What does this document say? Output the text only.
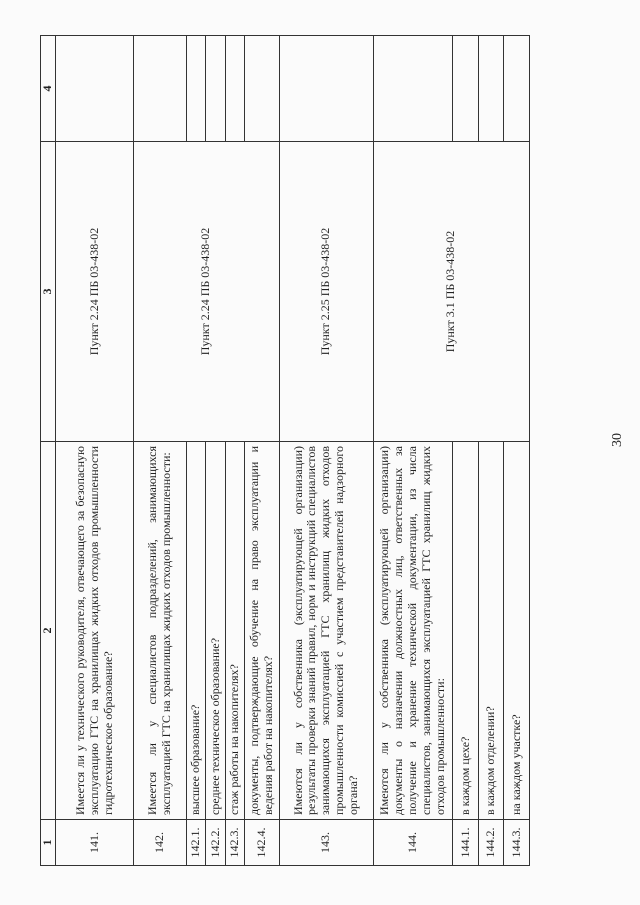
30
1	2	3	4
141.	Имеется ли у технического руководителя, отвечающего за безопасную эксплуатацию ГТС на хранилищах жидких отходов промышленности гидротехническое образование?	Пункт 2.24 ПБ 03-438-02	
142.	Имеется ли у специалистов подразделений, занимающихся эксплуатацией ГТС на хранилищах жидких отходов промышленности:	Пункт 2.24 ПБ 03-438-02	
142.1.	высшее образование?		
142.2.	среднее техническое образование?		
142.3.	стаж работы на накопителях?		
142.4.	документы, подтверждающие обучение на право эксплуатации и ведения работ на накопителях?		
143.	Имеются ли у собственника (эксплуатирующей организации) результаты проверки знаний правил, норм и инструкций специалистов занимающихся эксплуатацией ГТС хранилищ жидких отходов промышленности комиссией с участием представителей надзорного органа?	Пункт 2.25 ПБ 03-438-02	
144.	Имеются ли у собственника (эксплуатирующей организации) документы о назначении должностных лиц, ответственных за получение и хранение технической документации, из числа специалистов, занимающихся эксплуатацией ГТС хранилищ жидких отходов промышленности:	Пункт 3.1 ПБ 03-438-02	
144.1.	в каждом цехе?		
144.2.	в каждом отделении?		
144.3.	на каждом участке?		
